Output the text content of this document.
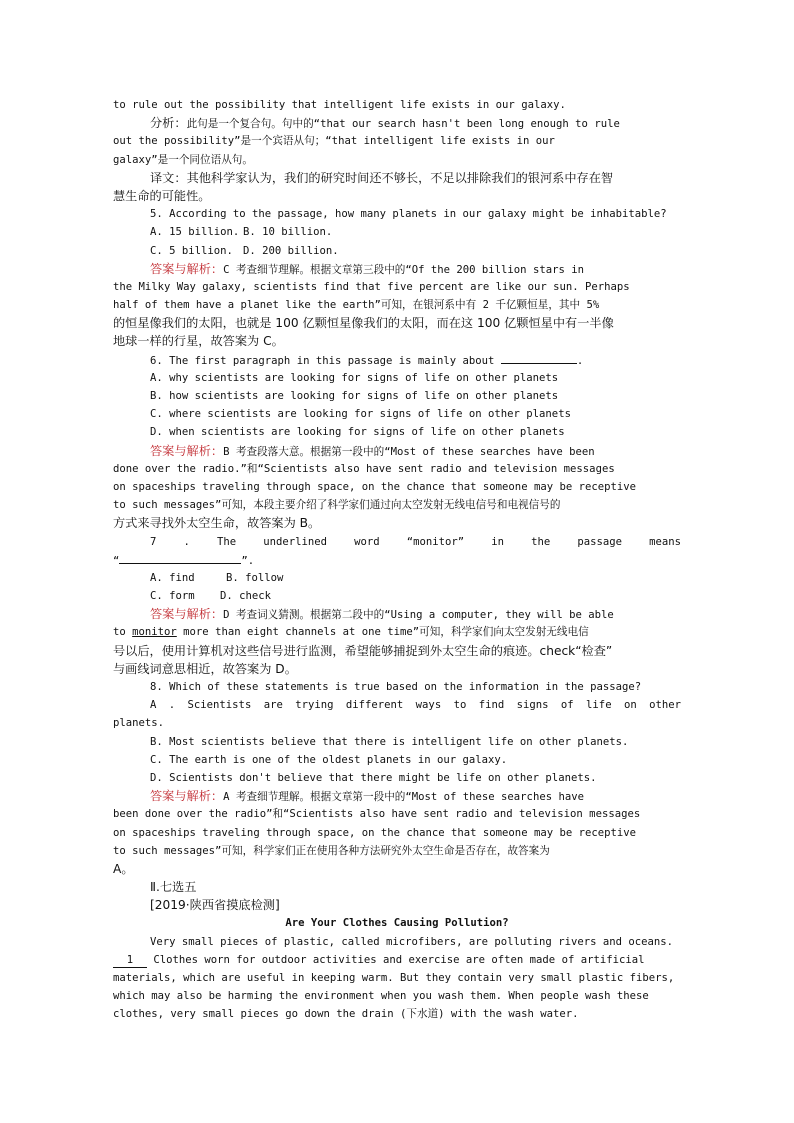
to rule out the possibility that intelligent life exists in our galaxy.
分析：此句是一个复合句。句中的“that our search hasn't been long enough to rule
out the possibility”是一个宾语从句；“that intelligent life exists in our
galaxy”是一个同位语从句。
译文：其他科学家认为，我们的研究时间还不够长，不足以排除我们的银河系中存在智
慧生命的可能性。
5. According to the passage, how many planets in our galaxy might be inhabitable?
A. 15 billion. B. 10 billion.
C. 5 billion. D. 200 billion.
答案与解析：C 考查细节理解。根据文章第三段中的“Of the 200 billion stars in
the Milky Way galaxy, scientists find that five percent are like our sun. Perhaps
half of them have a planet like the earth”可知，在银河系中有 2 千亿颗恒星，其中 5%
的恒星像我们的太阳，也就是 100 亿颗恒星像我们的太阳，而在这 100 亿颗恒星中有一半像
地球一样的行星，故答案为 C。
6. The first paragraph in this passage is mainly about	.
A. why scientists are looking for signs of life on other planets
B. how scientists are looking for signs of life on other planets
C. where scientists are looking for signs of life on other planets
D. when scientists are looking for signs of life on other planets
答案与解析：B 考查段落大意。根据第一段中的“Most of these searches have been
done over the radio.”和“Scientists also have sent radio and television messages
on spaceships traveling through space, on the chance that someone may be receptive
to such messages”可知，本段主要介绍了科学家们通过向太空发射无线电信号和电视信号的
方式来寻找外太空生命，故答案为 B。
7 . The underlined word “monitor” in the passage means
“	”.
A. find	B. follow
C. form D. check
答案与解析：D 考查词义猜测。根据第二段中的“Using a computer, they will be able
to monitor more than eight channels at one time”可知，科学家们向太空发射无线电信
号以后，使用计算机对这些信号进行监测，希望能够捕捉到外太空生命的痕迹。check“检查”
与画线词意思相近，故答案为 D。
8. Which of these statements is true based on the information in the passage?
A . Scientists are trying different ways to find signs of life on other
planets.
B. Most scientists believe that there is intelligent life on other planets.
C. The earth is one of the oldest planets in our galaxy.
D. Scientists don't believe that there might be life on other planets.
答案与解析：A 考查细节理解。根据文章第一段中的“Most of these searches have
been done over the radio”和“Scientists also have sent radio and television messages
on spaceships traveling through space, on the chance that someone may be receptive
to such messages”可知，科学家们正在使用各种方法研究外太空生命是否存在，故答案为
A。
Ⅱ.七选五
[2019·陕西省摸底检测]
Are Your Clothes Causing Pollution?
Very small pieces of plastic, called microfibers, are polluting rivers and oceans.
1 Clothes worn for outdoor activities and exercise are often made of artificial
materials, which are useful in keeping warm. But they contain very small plastic fibers,
which may also be harming the environment when you wash them. When people wash these
clothes, very small pieces go down the drain (下水道) with the wash water.
